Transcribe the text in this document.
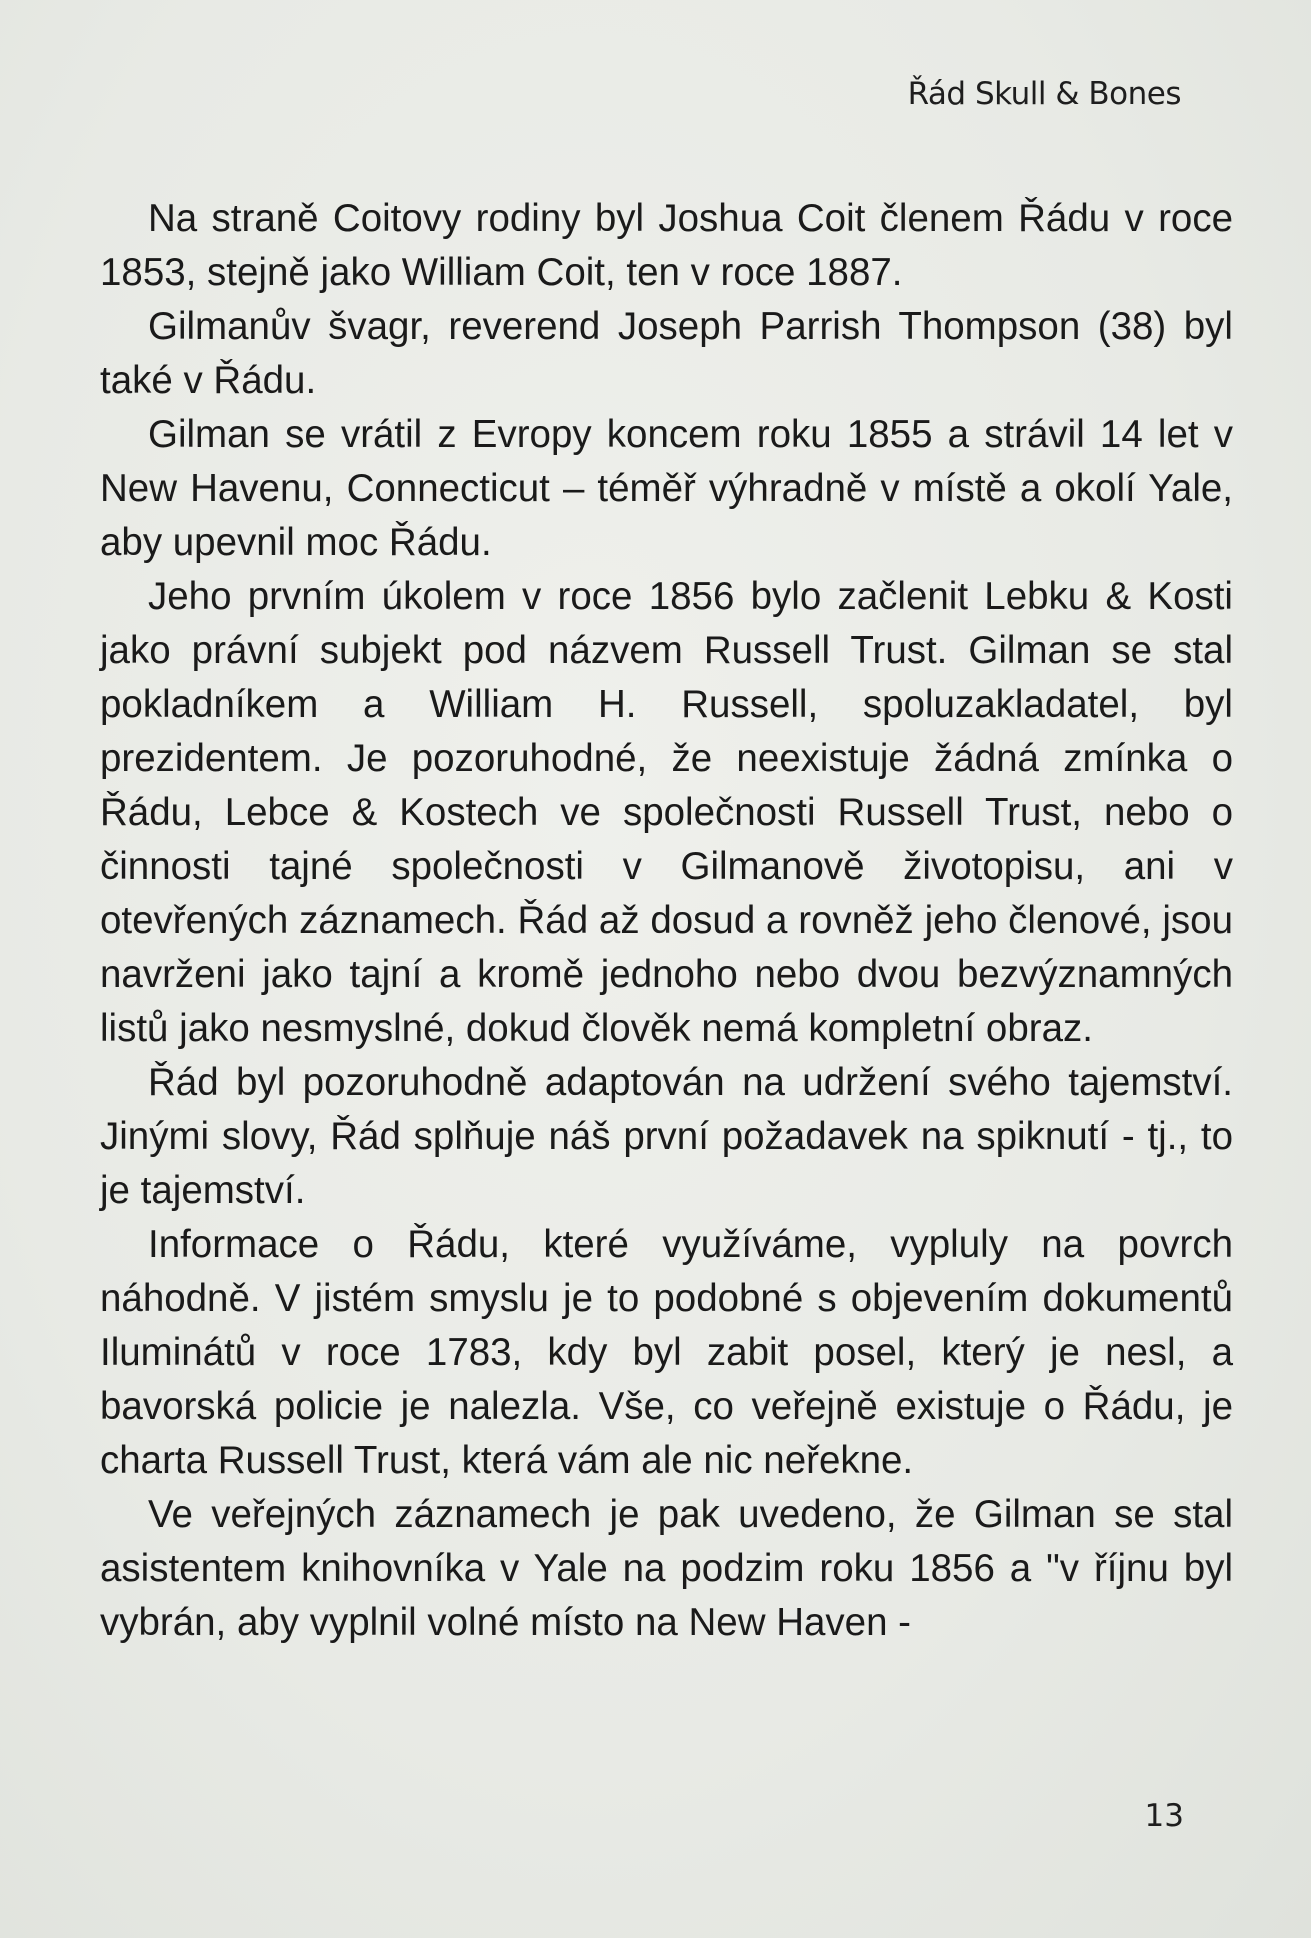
Řád Skull & Bones

Na straně Coitovy rodiny byl Joshua Coit členem Řádu v roce 1853, stejně jako William Coit, ten v roce 1887.

Gilmanův švagr, reverend Joseph Parrish Thompson (38) byl také v Řádu.

Gilman se vrátil z Evropy koncem roku 1855 a strávil 14 let v New Havenu, Connecticut – téměř výhradně v místě a okolí Yale, aby upevnil moc Řádu.

Jeho prvním úkolem v roce 1856 bylo začlenit Lebku & Kosti jako právní subjekt pod názvem Russell Trust. Gilman se stal pokladníkem a William H. Russell, spoluzakladatel, byl prezidentem. Je pozoruhodné, že neexistuje žádná zmínka o Řádu, Lebce & Kostech ve společnosti Russell Trust, nebo o činnosti tajné společnosti v Gilmanově životopisu, ani v otevřených záznamech. Řád až dosud a rovněž jeho členové, jsou navrženi jako tajní a kromě jednoho nebo dvou bezvýznamných listů jako nesmyslné, dokud člověk nemá kompletní obraz.

Řád byl pozoruhodně adaptován na udržení svého tajemství. Jinými slovy, Řád splňuje náš první požadavek na spiknutí - tj., to je tajemství.

Informace o Řádu, které využíváme, vypluly na povrch náhodně. V jistém smyslu je to podobné s objevením dokumentů Iluminátů v roce 1783, kdy byl zabit posel, který je nesl, a bavorská policie je nalezla. Vše, co veřejně existuje o Řádu, je charta Russell Trust, která vám ale nic neřekne.

Ve veřejných záznamech je pak uvedeno, že Gilman se stal asistentem knihovníka v Yale na podzim roku 1856 a "v říjnu byl vybrán, aby vyplnil volné místo na New Haven -

13
